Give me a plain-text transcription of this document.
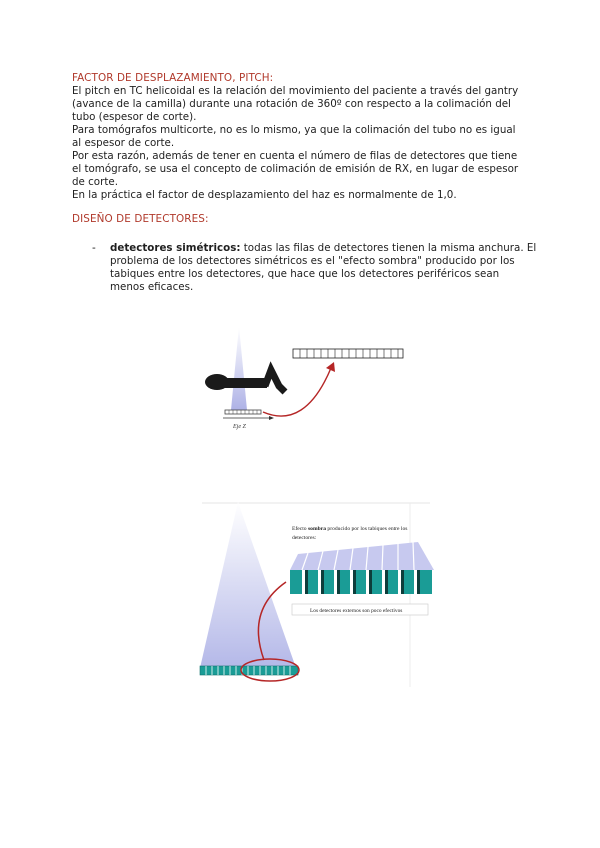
FACTOR DE DESPLAZAMIENTO, PITCH:
El pitch en TC helicoidal es la relación del movimiento del paciente a través del gantry
(avance de la camilla) durante una rotación de 360º con respecto a la colimación del
tubo (espesor de corte).
Para tomógrafos multicorte, no es lo mismo, ya que la colimación del tubo no es igual
al espesor de corte.
Por esta razón, además de tener en cuenta el número de filas de detectores que tiene
el tomógrafo, se usa el concepto de colimación de emisión de RX, en lugar de espesor
de corte.
En la práctica el factor de desplazamiento del haz es normalmente de 1,0.
DISEÑO DE DETECTORES:
- detectores simétricos: todas las filas de detectores tienen la misma anchura. El
problema de los detectores simétricos es el "efecto sombra" producido por los
tabiques entre los detectores, que hace que los detectores periféricos sean
menos eficaces.
Eje Z
Efecto sombra producido por los tabiques entre los
detectores:
Los detectores externos son poco efectivos
